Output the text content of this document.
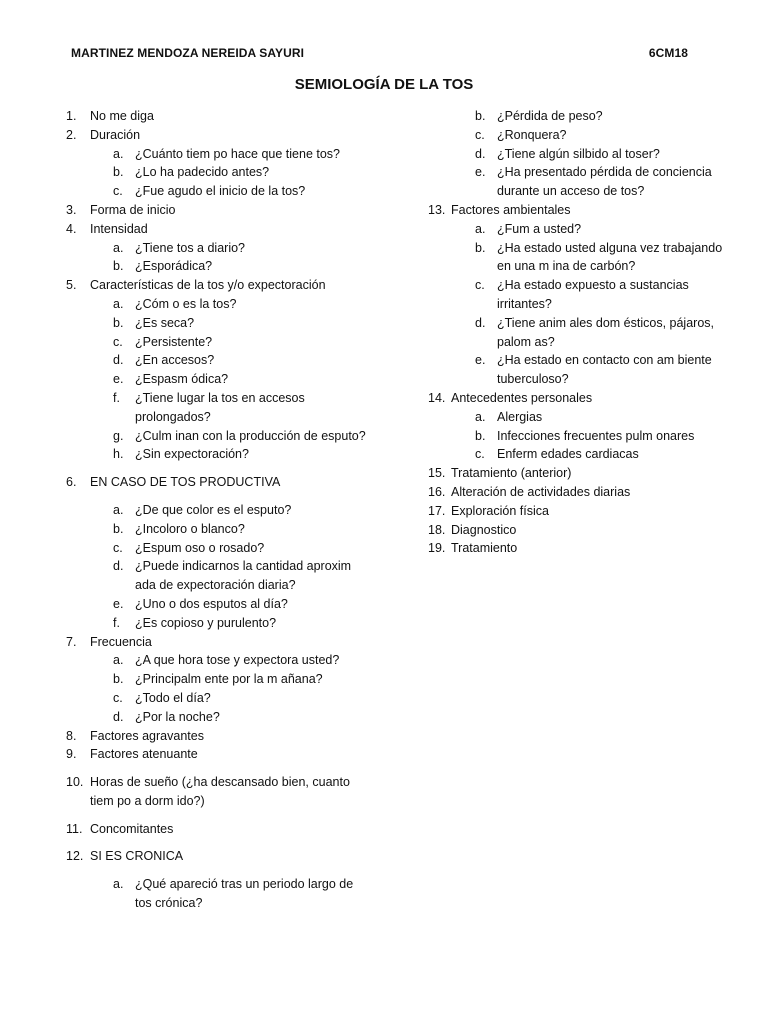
MARTINEZ MENDOZA NEREIDA SAYURI	6CM18
SEMIOLOGÍA DE LA TOS
1.	No me diga
2.	Duración
a. ¿Cuánto tiem po hace que tiene tos?
b. ¿Lo ha padecido antes?
c. ¿Fue agudo el inicio de la tos?
3.	Forma de inicio
4.	Intensidad
a. ¿Tiene tos a diario?
b. ¿Esporádica?
5.	Características de la tos y/o expectoración
a. ¿Cóm o es la tos?
b. ¿Es seca?
c. ¿Persistente?
d. ¿En accesos?
e. ¿Espasm ódica?
f. ¿Tiene lugar la tos en accesos prolongados?
g. ¿Culm inan con la producción de esputo?
h. ¿Sin expectoración?
6.	EN CASO DE TOS PRODUCTIVA
a. ¿De que color es el esputo?
b. ¿Incoloro o blanco?
c. ¿Espum oso o rosado?
d. ¿Puede indicarnos la cantidad aproxim ada de expectoración diaria?
e. ¿Uno o dos esputos al día?
f. ¿Es copioso y purulento?
7.	Frecuencia
a. ¿A que hora tose y expectora usted?
b. ¿Principalm ente por la m añana?
c. ¿Todo el día?
d. ¿Por la noche?
8.	Factores agravantes
9.	Factores atenuante
10. Horas de sueño (¿ha descansado bien, cuanto tiem po a dorm ido?)
11. Concomitantes
12. SI ES CRONICA
a. ¿Qué apareció tras un periodo largo de tos crónica?
b. ¿Pérdida de peso?
c. ¿Ronquera?
d. ¿Tiene algún silbido al toser?
e. ¿Ha presentado pérdida de conciencia durante un acceso de tos?
13. Factores ambientales
a. ¿Fum a usted?
b. ¿Ha estado usted alguna vez trabajando en una m ina de carbón?
c. ¿Ha estado expuesto a sustancias irritantes?
d. ¿Tiene anim ales dom ésticos, pájaros, palom as?
e. ¿Ha estado en contacto con am biente tuberculoso?
14. Antecedentes personales
a. Alergias
b. Infecciones frecuentes pulm onares
c. Enferm edades cardiacas
15. Tratamiento (anterior)
16. Alteración de actividades diarias
17. Exploración física
18. Diagnostico
19. Tratamiento
